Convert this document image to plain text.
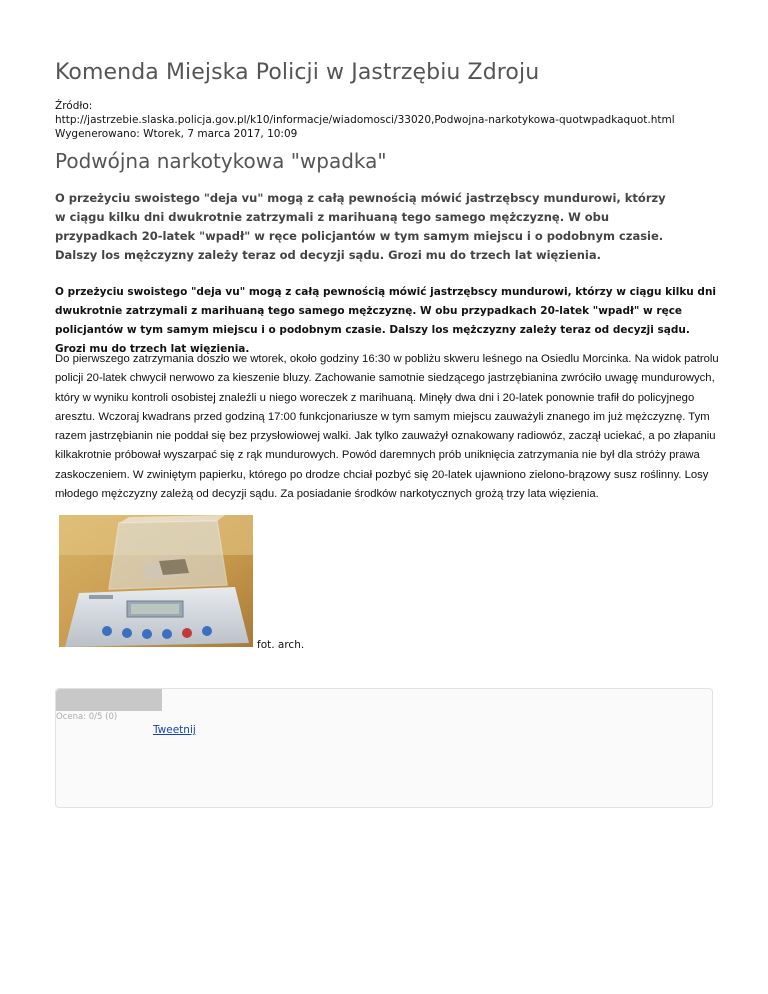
Komenda Miejska Policji w Jastrzębiu Zdroju
Źródło:
http://jastrzebie.slaska.policja.gov.pl/k10/informacje/wiadomosci/33020,Podwojna-narkotykowa-quotwpadkaquot.html
Wygenerowano: Wtorek, 7 marca 2017, 10:09
Podwójna narkotykowa "wpadka"
O przeżyciu swoistego "deja vu" mogą z całą pewnością mówić jastrzębscy mundurowi, którzy w ciągu kilku dni dwukrotnie zatrzymali z marihuaną tego samego mężczyznę. W obu przypadkach 20-latek "wpadł" w ręce policjantów w tym samym miejscu i o podobnym czasie. Dalszy los mężczyzny zależy teraz od decyzji sądu. Grozi mu do trzech lat więzienia.
O przeżyciu swoistego "deja vu" mogą z całą pewnością mówić jastrzębscy mundurowi, którzy w ciągu kilku dni dwukrotnie zatrzymali z marihuaną tego samego mężczyznę. W obu przypadkach 20-latek "wpadł" w ręce policjantów w tym samym miejscu i o podobnym czasie. Dalszy los mężczyzny zależy teraz od decyzji sądu. Grozi mu do trzech lat więzienia.
Do pierwszego zatrzymania doszło we wtorek, około godziny 16:30 w pobliżu skweru leśnego na Osiedlu Morcinka. Na widok patrolu policji 20-latek chwycił nerwowo za kieszenie bluzy. Zachowanie samotnie siedzącego jastrzębianina zwróciło uwagę mundurowych, który w wyniku kontroli osobistej znaleźli u niego woreczek z marihuaną. Minęły dwa dni i 20-latek ponownie trafił do policyjnego aresztu. Wczoraj kwadrans przed godziną 17:00 funkcjonariusze w tym samym miejscu zauważyli znanego im już mężczyznę. Tym razem jastrzębianin nie poddał się bez przysłowiowej walki. Jak tylko zauważył oznakowany radiowóz, zaczął uciekać, a po złapaniu kilkakrotnie próbował wyszarpać się z rąk mundurowych. Powód daremnych prób uniknięcia zatrzymania nie był dla stróży prawa zaskoczeniem. W zwiniętym papierku, którego po drodze chciał pozbyć się 20-latek ujawniono zielono-brązowy susz roślinny. Losy młodego mężczyzny zależą od decyzji sądu. Za posiadanie środków narkotycznych grożą trzy lata więzienia.
fot. arch.
Ocena: 0/5 (0)
Tweetnij
